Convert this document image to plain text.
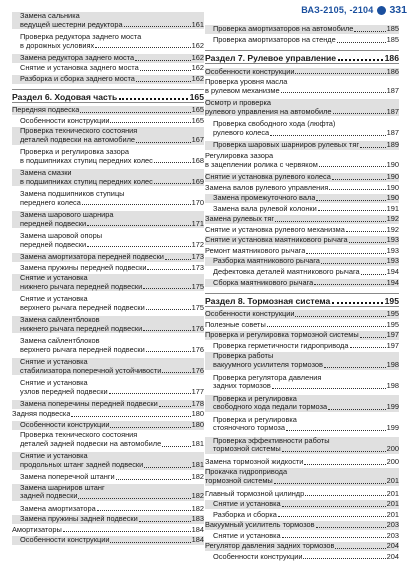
ВАЗ-2105, -2104 331
Замена сальника
ведущей шестерни редуктора	161
Проверка редуктора заднего моста
в дорожных условиях	162
Замена редуктора заднего моста	162
Снятие и установка заднего моста	162
Разборка и сборка заднего моста	162
Раздел 6. Ходовая часть	165
Передняя подвеска	165
Особенности конструкции	165
Проверка технического состояния
деталей подвески на автомобиле	167
Проверка и регулировка зазора
в подшипниках ступиц передних колес	168
Замена смазки
в подшипниках ступиц передних колес	169
Замена подшипников ступицы
переднего колеса	170
Замена шарового шарнира
передней подвески	171
Замена шаровой опоры
передней подвески	172
Замена амортизатора передней подвески	173
Замена пружины передней подвески	173
Снятие и установка
нижнего рычага передней подвески	175
Снятие и установка
верхнего рычага передней подвески	175
Замена сайлентблоков
нижнего рычага передней подвески	176
Замена сайлентблоков
верхнего рычага передней подвески	176
Снятие и установка
стабилизатора поперечной устойчивости	176
Снятие и установка
узлов передней подвески	177
Замена поперечины передней подвески	178
Задняя подвеска	180
Особенности конструкции	180
Проверка технического состояния
деталей задней подвески на автомобиле	181
Снятие и установка
продольных штанг задней подвески	181
Замена поперечной штанги	182
Замена шарниров штанг
задней подвески	182
Замена амортизатора	182
Замена пружины задней подвески	183
Амортизаторы	184
Особенности конструкции	184
Проверка амортизаторов на автомобиле	185
Проверка амортизаторов на стенде	185
Раздел 7. Рулевое управление	186
Особенности конструкции	186
Проверка уровня масла
в рулевом механизме	187
Осмотр и проверка
рулевого управления на автомобиле	187
Проверка свободного хода (люфта)
рулевого колеса	187
Проверка шаровых шарниров рулевых тяг	189
Регулировка зазора
в зацеплении ролика с червяком	190
Снятие и установка рулевого колеса	190
Замена валов рулевого управления	190
Замена промежуточного вала	190
Замена вала рулевой колонки	191
Замена рулевых тяг	192
Снятие и установка рулевого механизма	192
Снятие и установка маятникового рычага	193
Ремонт маятникового рычага	193
Разборка маятникового рычага	193
Дефектовка деталей маятникового рычага	194
Сборка маятникового рычага	194
Раздел 8. Тормозная система	195
Особенности конструкции	195
Полезные советы	195
Проверка и регулировка тормозной системы	197
Проверка герметичности гидропривода	197
Проверка работы
вакуумного усилителя тормозов	198
Проверка регулятора давления
задних тормозов	198
Проверка и регулировка
свободного хода педали тормоза	199
Проверка и регулировка
стояночного тормоза	199
Проверка эффективности работы
тормозной системы	200
Замена тормозной жидкости	200
Прокачка гидропривода
тормозной системы	201
Главный тормозной цилиндр	201
Снятие и установка	201
Разборка и сборка	201
Вакуумный усилитель тормозов	203
Снятие и установка	203
Регулятор давления задних тормозов	204
Особенности конструкции	204
